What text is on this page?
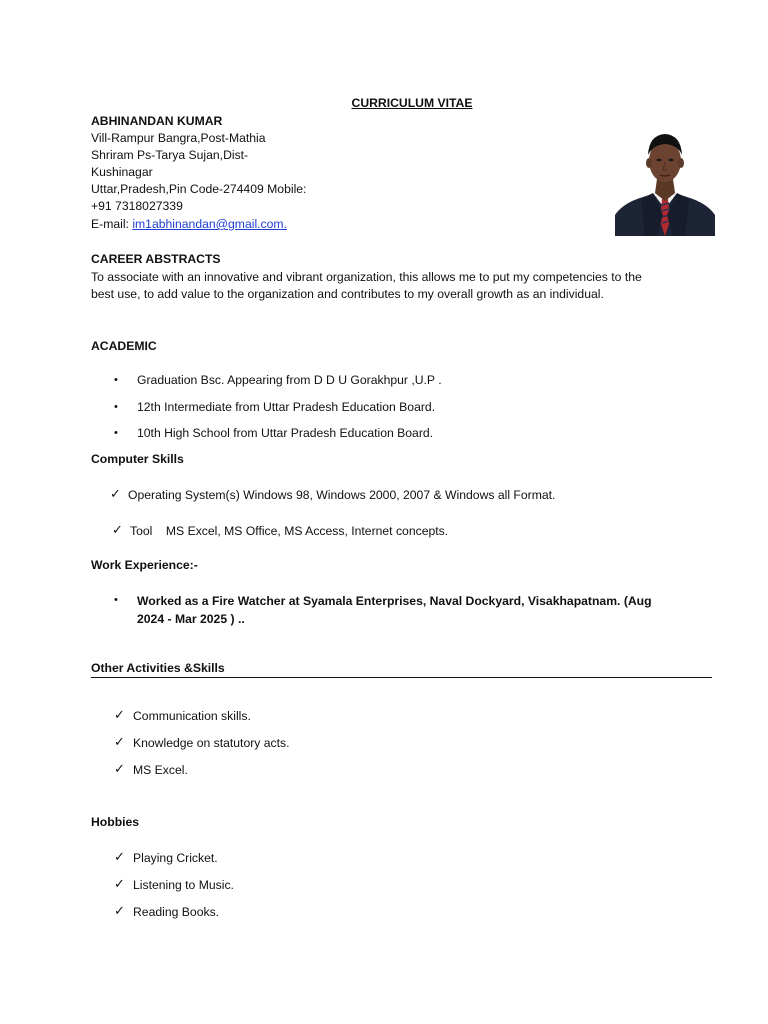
CURRICULUM VITAE
ABHINANDAN KUMAR
Vill-Rampur Bangra,Post-Mathia
Shriram Ps-Tarya Sujan,Dist-
Kushinagar
Uttar,Pradesh,Pin Code-274409 Mobile:
+91 7318027339
E-mail: im1abhinandan@gmail.com.
CAREER ABSTRACTS
To associate with an innovative and vibrant organization, this allows me to put my competencies to the best use, to add value to the organization and contributes to my overall growth as an individual.
ACADEMIC
• Graduation Bsc. Appearing from D D U Gorakhpur ,U.P .
• 12th Intermediate from Uttar Pradesh Education Board.
• 10th High School from Uttar Pradesh Education Board.
Computer Skills
✓ Operating System(s) Windows 98, Windows 2000, 2007 & Windows all Format.
✓ Tool    MS Excel, MS Office, MS Access, Internet concepts.
Work Experience:-
• Worked as a Fire Watcher at Syamala Enterprises, Naval Dockyard, Visakhapatnam. (Aug 2024 - Mar 2025 ) ..
Other Activities &Skills
✓ Communication skills.
✓ Knowledge on statutory acts.
✓ MS Excel.
Hobbies
✓ Playing Cricket.
✓ Listening to Music.
✓ Reading Books.
